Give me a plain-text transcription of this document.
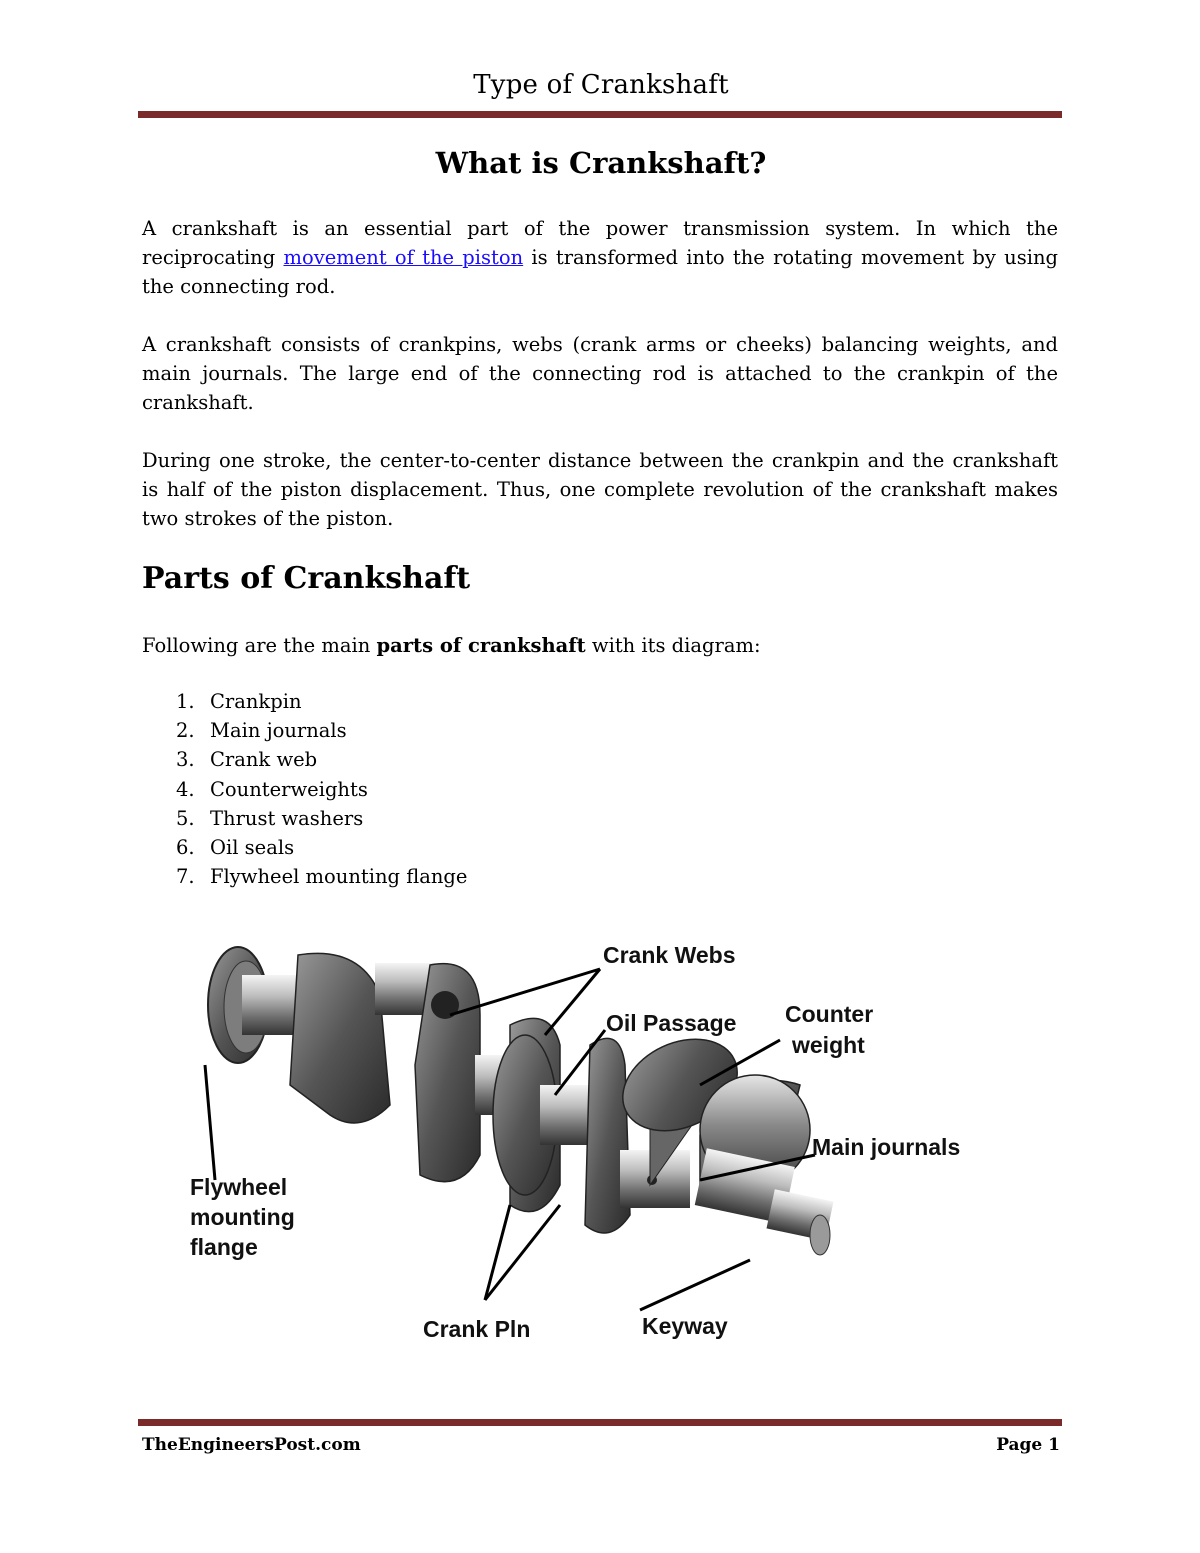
Type of Crankshaft
What is Crankshaft?

A crankshaft is an essential part of the power transmission system. In which the reciprocating movement of the piston is transformed into the rotating movement by using the connecting rod.

A crankshaft consists of crankpins, webs (crank arms or cheeks) balancing weights, and main journals. The large end of the connecting rod is attached to the crankpin of the crankshaft.

During one stroke, the center-to-center distance between the crankpin and the crankshaft is half of the piston displacement. Thus, one complete revolution of the crankshaft makes two strokes of the piston.

Parts of Crankshaft

Following are the main parts of crankshaft with its diagram:

1. Crankpin
2. Main journals
3. Crank web
4. Counterweights
5. Thrust washers
6. Oil seals
7. Flywheel mounting flange
Crank Webs
Oil Passage Counter
weight
Main journals
Flywheel
mounting
flange
Crank Pln	Keyway
TheEngineersPost.com	Page 1
